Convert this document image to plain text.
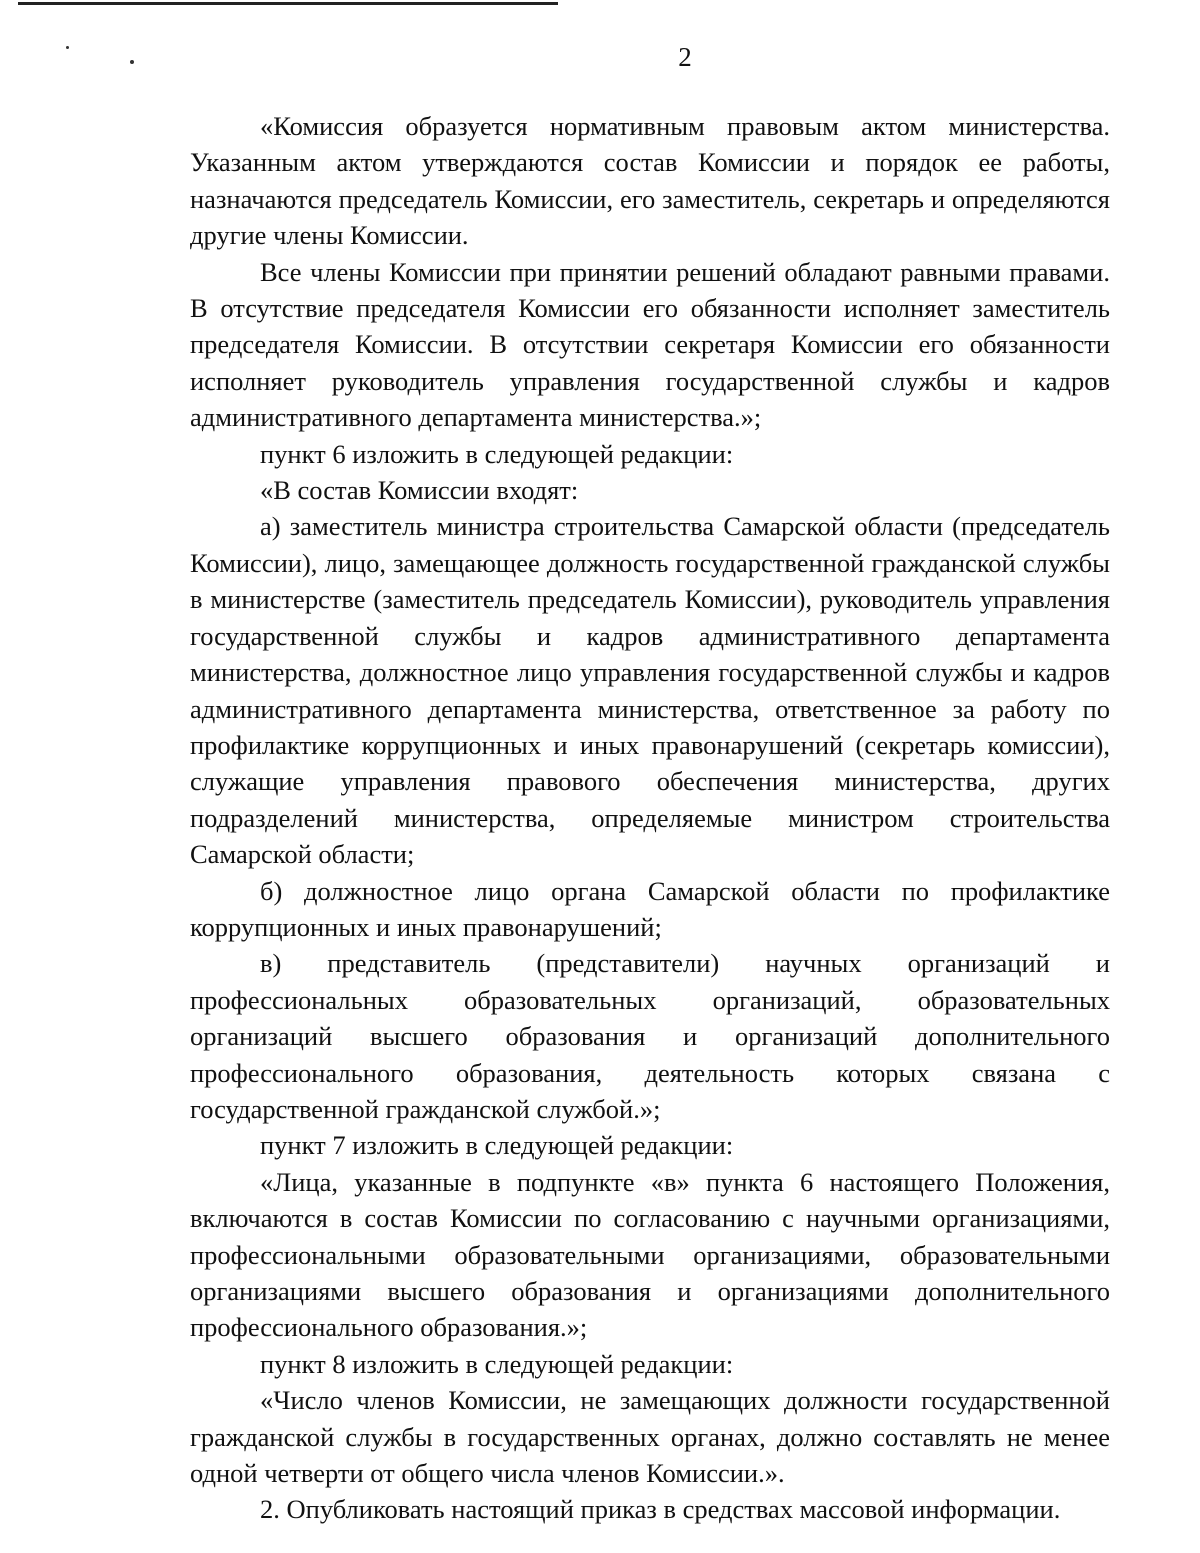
2

«Комиссия образуется нормативным правовым актом министерства. Указанным актом утверждаются состав Комиссии и порядок ее работы, назначаются председатель Комиссии, его заместитель, секретарь и определяются другие члены Комиссии.

Все члены Комиссии при принятии решений обладают равными правами. В отсутствие председателя Комиссии его обязанности исполняет заместитель председателя Комиссии. В отсутствии секретаря Комиссии его обязанности исполняет руководитель управления государственной службы и кадров административного департамента министерства.»;

пункт 6 изложить в следующей редакции:

«В состав Комиссии входят:

а) заместитель министра строительства Самарской области (председатель Комиссии), лицо, замещающее должность государственной гражданской службы в министерстве (заместитель председатель Комиссии), руководитель управления государственной службы и кадров административного департамента министерства, должностное лицо управления государственной службы и кадров административного департамента министерства, ответственное за работу по профилактике коррупционных и иных правонарушений (секретарь комиссии), служащие управления правового обеспечения министерства, других подразделений министерства, определяемые министром строительства Самарской области;

б) должностное лицо органа Самарской области по профилактике коррупционных и иных правонарушений;

в) представитель (представители) научных организаций и профессиональных образовательных организаций, образовательных организаций высшего образования и организаций дополнительного профессионального образования, деятельность которых связана с государственной гражданской службой.»;

пункт 7 изложить в следующей редакции:

«Лица, указанные в подпункте «в» пункта 6 настоящего Положения, включаются в состав Комиссии по согласованию с научными организациями, профессиональными образовательными организациями, образовательными организациями высшего образования и организациями дополнительного профессионального образования.»;

пункт 8 изложить в следующей редакции:

«Число членов Комиссии, не замещающих должности государственной гражданской службы в государственных органах, должно составлять не менее одной четверти от общего числа членов Комиссии.».

2. Опубликовать настоящий приказ в средствах массовой информации.
